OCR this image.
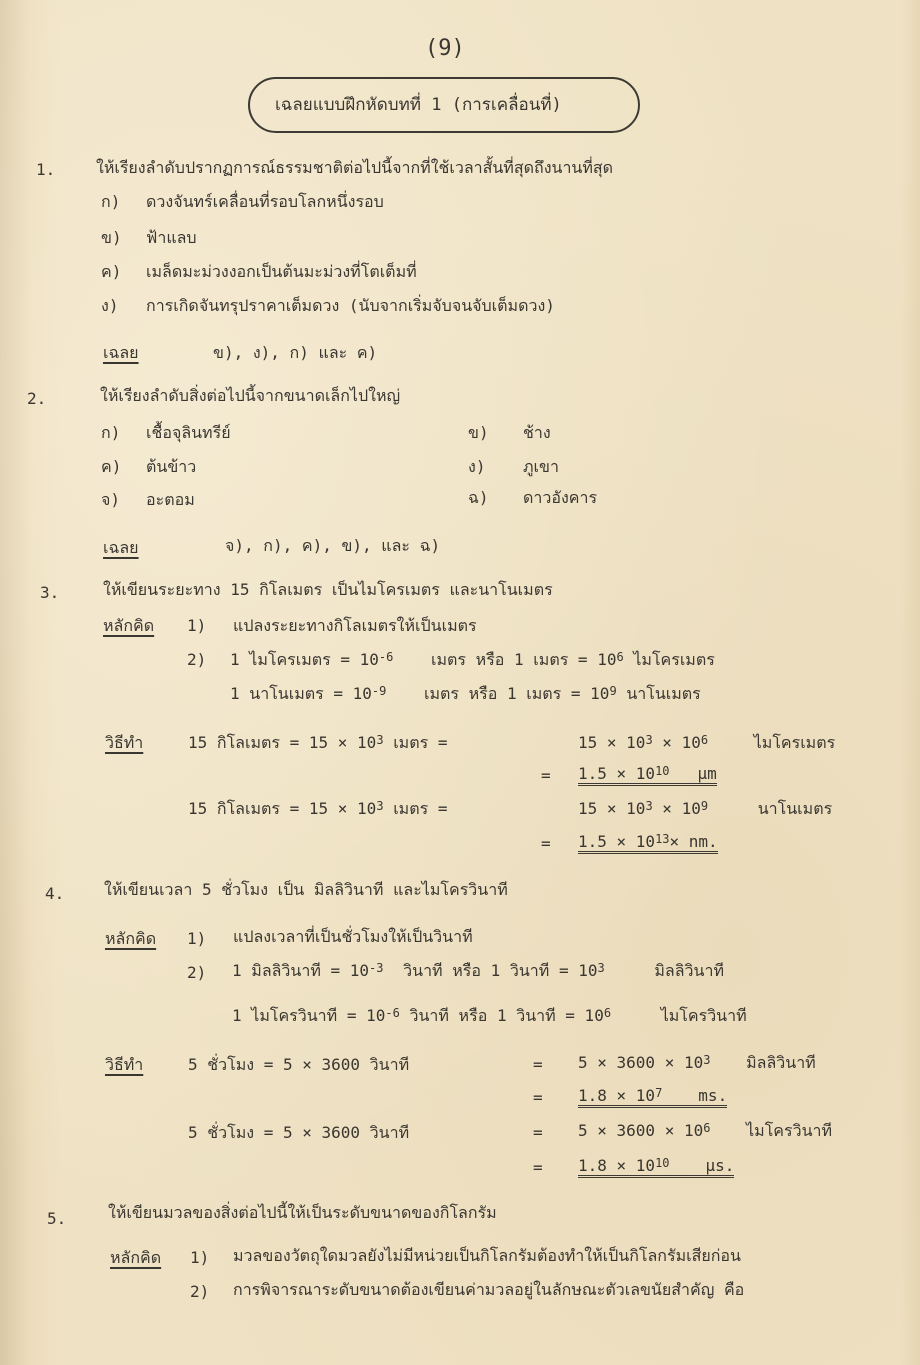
(9)
เฉลยแบบฝึกหัดบทที่ 1 (การเคลื่อนที่)
1.	ให้เรียงลำดับปรากฏการณ์ธรรมชาติต่อไปนี้จากที่ใช้เวลาสั้นที่สุดถึงนานที่สุด
ก) ดวงจันทร์เคลื่อนที่รอบโลกหนึ่งรอบ
ข) ฟ้าแลบ
ค) เมล็ดมะม่วงงอกเป็นต้นมะม่วงที่โตเต็มที่
ง) การเกิดจันทรุปราคาเต็มดวง (นับจากเริ่มจับจนจับเต็มดวง)
เฉลย	ข), ง), ก) และ ค)
2.	ให้เรียงลำดับสิ่งต่อไปนี้จากขนาดเล็กไปใหญ่
ก) เชื้อจุลินทรีย์	ข) ช้าง
ค) ต้นข้าว	ง) ภูเขา
จ) อะตอม	ฉ) ดาวอังคาร
เฉลย	จ), ก), ค), ข), และ ฉ)
3.	ให้เขียนระยะทาง 15 กิโลเมตร เป็นไมโครเมตร และนาโนเมตร
หลักคิด 1) แปลงระยะทางกิโลเมตรให้เป็นเมตร
2) 1 ไมโครเมตร = $10^{-6}$ เมตร หรือ 1 เมตร = $10^6$ ไมโครเมตร
1 นาโนเมตร = $10^{-9}$ เมตร หรือ 1 เมตร = $10^9$ นาโนเมตร
วิธีทำ	15 กิโลเมตร = $15 \times 10^3$ เมตร =	$15 \times 10^3 \times 10^6$	ไมโครเมตร
= $1.5 \times 10^{10}$ μm
15 กิโลเมตร = $15 \times 10^3$ เมตร =	$15 \times 10^3 \times 10^9$	นาโนเมตร
= $1.5 \times 10^{13}\times$ nm.
4. ให้เขียนเวลา 5 ชั่วโมง เป็น มิลลิวินาที และไมโครวินาที
หลักคิด 1) แปลงเวลาที่เป็นชั่วโมงให้เป็นวินาที
2) 1 มิลลิวินาที = $10^{-3}$ วินาที หรือ 1 วินาที = $10^3$	มิลลิวินาที
1 ไมโครวินาที = $10^{-6}$ วินาที หรือ 1 วินาที = $10^6$	ไมโครวินาที
วิธีทำ	5 ชั่วโมง = 5 × 3600 วินาที	= $5 \times 3600 \times 10^3$ มิลลิวินาที
= $1.8 \times 10^7$ ms.
5 ชั่วโมง = 5 × 3600 วินาที	= $5 \times 3600 \times 10^6$ ไมโครวินาที
= $1.8 \times 10^{10}$ μs.
5.	ให้เขียนมวลของสิ่งต่อไปนี้ให้เป็นระดับขนาดของกิโลกรัม
หลักคิด 1) มวลของวัตถุใดมวลยังไม่มีหน่วยเป็นกิโลกรัมต้องทำให้เป็นกิโลกรัมเสียก่อน
2) การพิจารณาระดับขนาดต้องเขียนค่ามวลอยู่ในลักษณะตัวเลขนัยสำคัญ คือ
